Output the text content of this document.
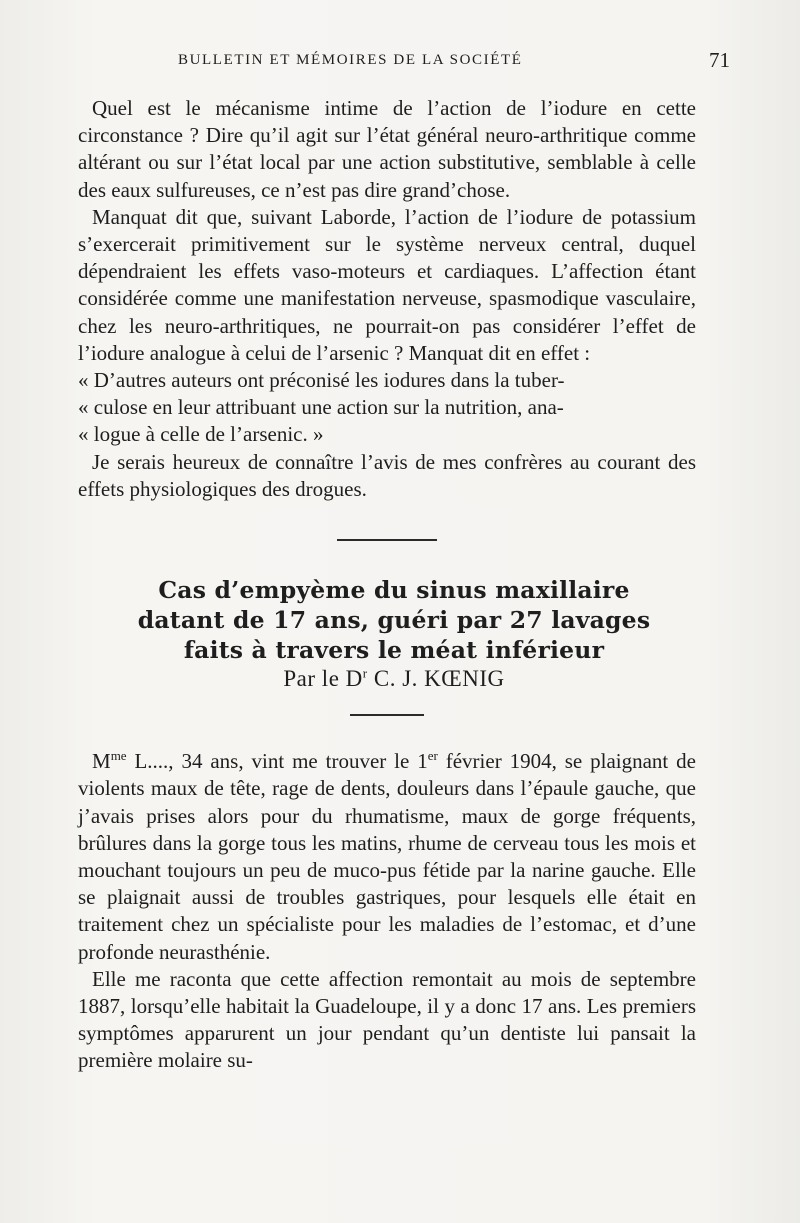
BULLETIN ET MÉMOIRES DE LA SOCIÉTÉ	71

Quel est le mécanisme intime de l’action de l’iodure en cette circonstance ? Dire qu’il agit sur l’état général neuro-arthritique comme altérant ou sur l’état local par une action substitutive, semblable à celle des eaux sulfureuses, ce n’est pas dire grand’chose.

Manquat dit que, suivant Laborde, l’action de l’iodure de potassium s’exercerait primitivement sur le système nerveux central, duquel dépendraient les effets vaso-moteurs et cardiaques. L’affection étant considérée comme une manifestation nerveuse, spasmodique vasculaire, chez les neuro-arthritiques, ne pourrait-on pas considérer l’effet de l’iodure analogue à celui de l’arsenic ? Manquat dit en effet :

« D’autres auteurs ont préconisé les iodures dans la tuber-

« culose en leur attribuant une action sur la nutrition, ana-

« logue à celle de l’arsenic. »

Je serais heureux de connaître l’avis de mes confrères au courant des effets physiologiques des drogues.

Cas d’empyème du sinus maxillaire

datant de 17 ans, guéri par 27 lavages

faits à travers le méat inférieur

Par le $D^r$ C. J. KŒNIG

$M^{me}$ L...., 34 ans, vint me trouver le 1er février 1904, se plaignant de violents maux de tête, rage de dents, douleurs dans l’épaule gauche, que j’avais prises alors pour du rhumatisme, maux de gorge fréquents, brûlures dans la gorge tous les matins, rhume de cerveau tous les mois et mouchant toujours un peu de muco-pus fétide par la narine gauche. Elle se plaignait aussi de troubles gastriques, pour lesquels elle était en traitement chez un spécialiste pour les maladies de l’estomac, et d’une profonde neurasthénie.

Elle me raconta que cette affection remontait au mois de septembre 1887, lorsqu’elle habitait la Guadeloupe, il y a donc 17 ans. Les premiers symptômes apparurent un jour pendant qu’un dentiste lui pansait la première molaire su-
